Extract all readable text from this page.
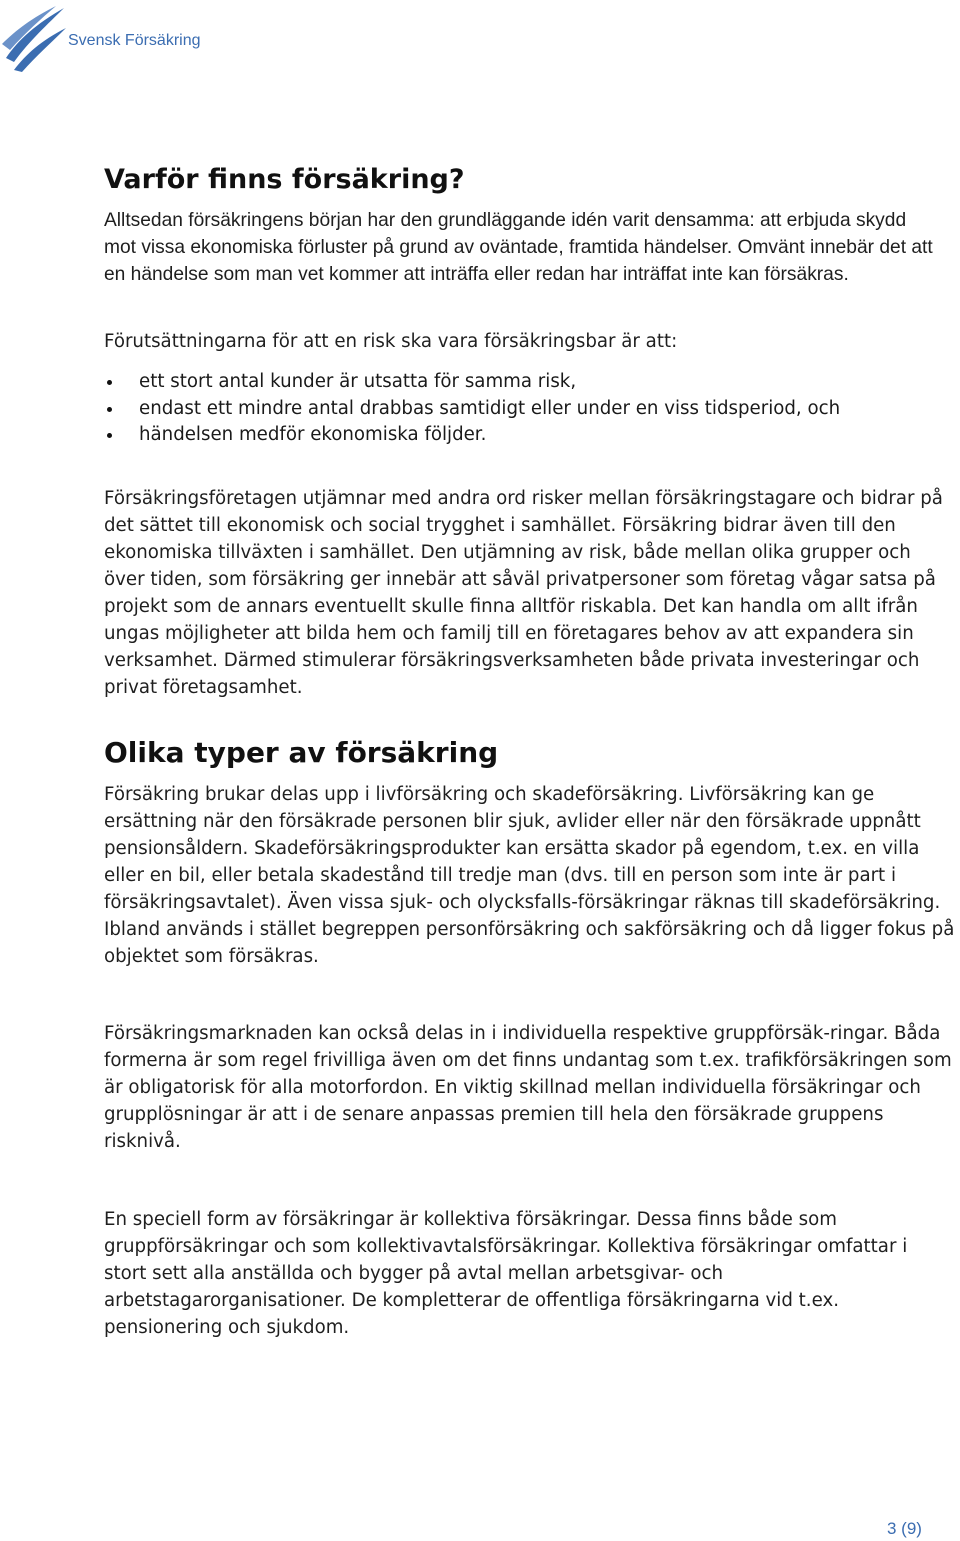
Svensk Försäkring
Varför finns försäkring?

Alltsedan försäkringens början har den grundläggande idén varit densamma: att erbjuda skydd mot vissa ekonomiska förluster på grund av oväntade, framtida händelser. Omvänt innebär det att en händelse som man vet kommer att inträffa eller redan har inträffat inte kan försäkras.

Förutsättningarna för att en risk ska vara försäkringsbar är att:

ett stort antal kunder är utsatta för samma risk,
endast ett mindre antal drabbas samtidigt eller under en viss tidsperiod, och
händelsen medför ekonomiska följder.

Försäkringsföretagen utjämnar med andra ord risker mellan försäkringstagare och bidrar på det sättet till ekonomisk och social trygghet i samhället. Försäkring bidrar även till den ekonomiska tillväxten i samhället. Den utjämning av risk, både mellan olika grupper och över tiden, som försäkring ger innebär att såväl privatpersoner som företag vågar satsa på projekt som de annars eventuellt skulle finna alltför riskabla. Det kan handla om allt ifrån ungas möjligheter att bilda hem och familj till en företagares behov av att expandera sin verksamhet. Därmed stimulerar försäkringsverksamheten både privata investeringar och privat företagsamhet.

Olika typer av försäkring

Försäkring brukar delas upp i livförsäkring och skadeförsäkring. Livförsäkring kan ge ersättning när den försäkrade personen blir sjuk, avlider eller när den försäkrade uppnått pensionsåldern. Skadeförsäkringsprodukter kan ersätta skador på egendom, t.ex. en villa eller en bil, eller betala skadestånd till tredje man (dvs. till en person som inte är part i försäkringsavtalet). Även vissa sjuk- och olycksfalls-försäkringar räknas till skadeförsäkring. Ibland används i stället begreppen personförsäkring och sakförsäkring och då ligger fokus på objektet som försäkras.

Försäkringsmarknaden kan också delas in i individuella respektive gruppförsäk-ringar. Båda formerna är som regel frivilliga även om det finns undantag som t.ex. trafikförsäkringen som är obligatorisk för alla motorfordon. En viktig skillnad mellan individuella försäkringar och grupplösningar är att i de senare anpassas premien till hela den försäkrade gruppens risknivå.

En speciell form av försäkringar är kollektiva försäkringar. Dessa finns både som gruppförsäkringar och som kollektivavtalsförsäkringar. Kollektiva försäkringar omfattar i stort sett alla anställda och bygger på avtal mellan arbetsgivar- och arbetstagarorganisationer. De kompletterar de offentliga försäkringarna vid t.ex. pensionering och sjukdom.

3 (9)
